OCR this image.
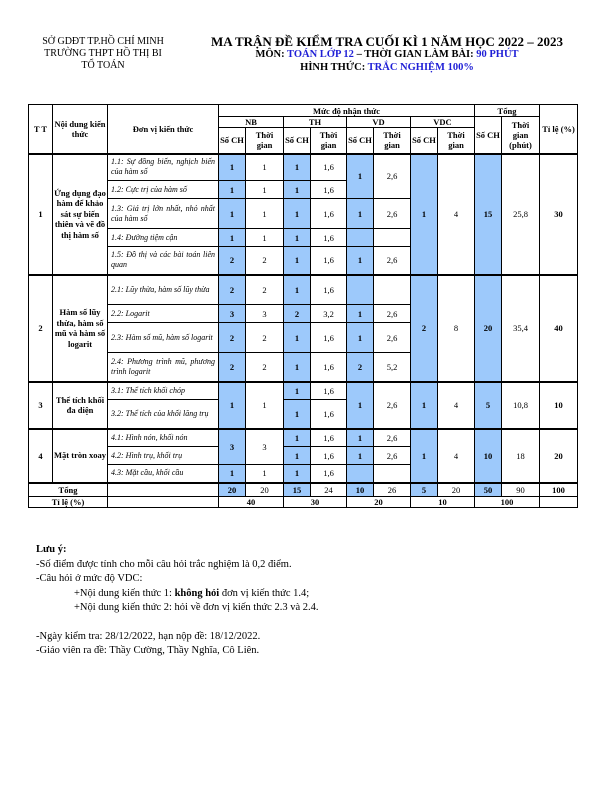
SỞ GDĐT TP.HỒ CHÍ MINH
TRƯỜNG THPT HỒ THỊ BI
TỔ TOÁN
MA TRẬN ĐỀ KIỂM TRA CUỐI KÌ 1 NĂM HỌC 2022 – 2023
MÔN: TOÁN LỚP 12 – THỜI GIAN LÀM BÀI: 90 PHÚT
HÌNH THỨC: TRẮC NGHIỆM 100%
T T	Nội dung kiến thức	Đơn vị kiến thức	Mức độ nhận thức								Tổng		Tỉ lệ (%)
			NB		TH		VD		VDC		Số CH	Thời gian (phút)	
			Số CH	Thời gian	Số CH	Thời gian	Số CH	Thời gian	Số CH	Thời gian			
1	Ứng dụng đạo hàm để khảo sát sự biến thiên và vẽ đồ thị hàm số	1.1: Sự đồng biến, nghịch biến của hàm số	1	1	1	1,6	1	2,6	1	4	15	25,8	30
		1.2: Cực trị của hàm số	1	1	1	1,6							
		1.3: Giá trị lớn nhất, nhỏ nhất của hàm số	1	1	1	1,6	1	2,6					
		1.4: Đường tiệm cận	1	1	1	1,6							
		1.5: Đồ thị và các bài toán liên quan	2	2	1	1,6	1	2,6					
2	Hàm số lũy thừa, hàm số mũ và hàm số logarit	2.1: Lũy thừa, hàm số lũy thừa	2	2	1	1,6			2	8	20	35,4	40
		2.2: Logarit	3	3	2	3,2	1	2,6					
		2.3: Hàm số mũ, hàm số logarit	2	2	1	1,6	1	2,6					
		2.4: Phương trình mũ, phương trình logarit	2	2	1	1,6	2	5,2					
3	Thể tích khối đa diện	3.1: Thể tích khối chóp	1	1	1	1,6	1	2,6	1	4	5	10,8	10
		3.2: Thể tích của khối lăng trụ			1	1,6							
4	Mặt tròn xoay	4.1: Hình nón, khối nón	3	3	1	1,6	1	2,6	1	4	10	18	20
		4.2: Hình trụ, khối trụ			1	1,6	1	2,6					
		4.3: Mặt cầu, khối cầu	1	1	1	1,6							
Tổng			20	20	15	24	10	26	5	20	50	90	100
Tỉ lệ (%)			40		30		20		10		100		
Lưu ý:
-Số điểm được tính cho mỗi câu hỏi trắc nghiệm là 0,2 điểm.
-Câu hỏi ở mức độ VDC:
+Nội dung kiến thức 1: không hỏi đơn vị kiến thức 1.4;
+Nội dung kiến thức 2: hỏi về đơn vị kiến thức 2.3 và 2.4.
-Ngày kiểm tra: 28/12/2022, hạn nộp đề: 18/12/2022.
-Giáo viên ra đề: Thầy Cường, Thầy Nghĩa, Cô Liên.
